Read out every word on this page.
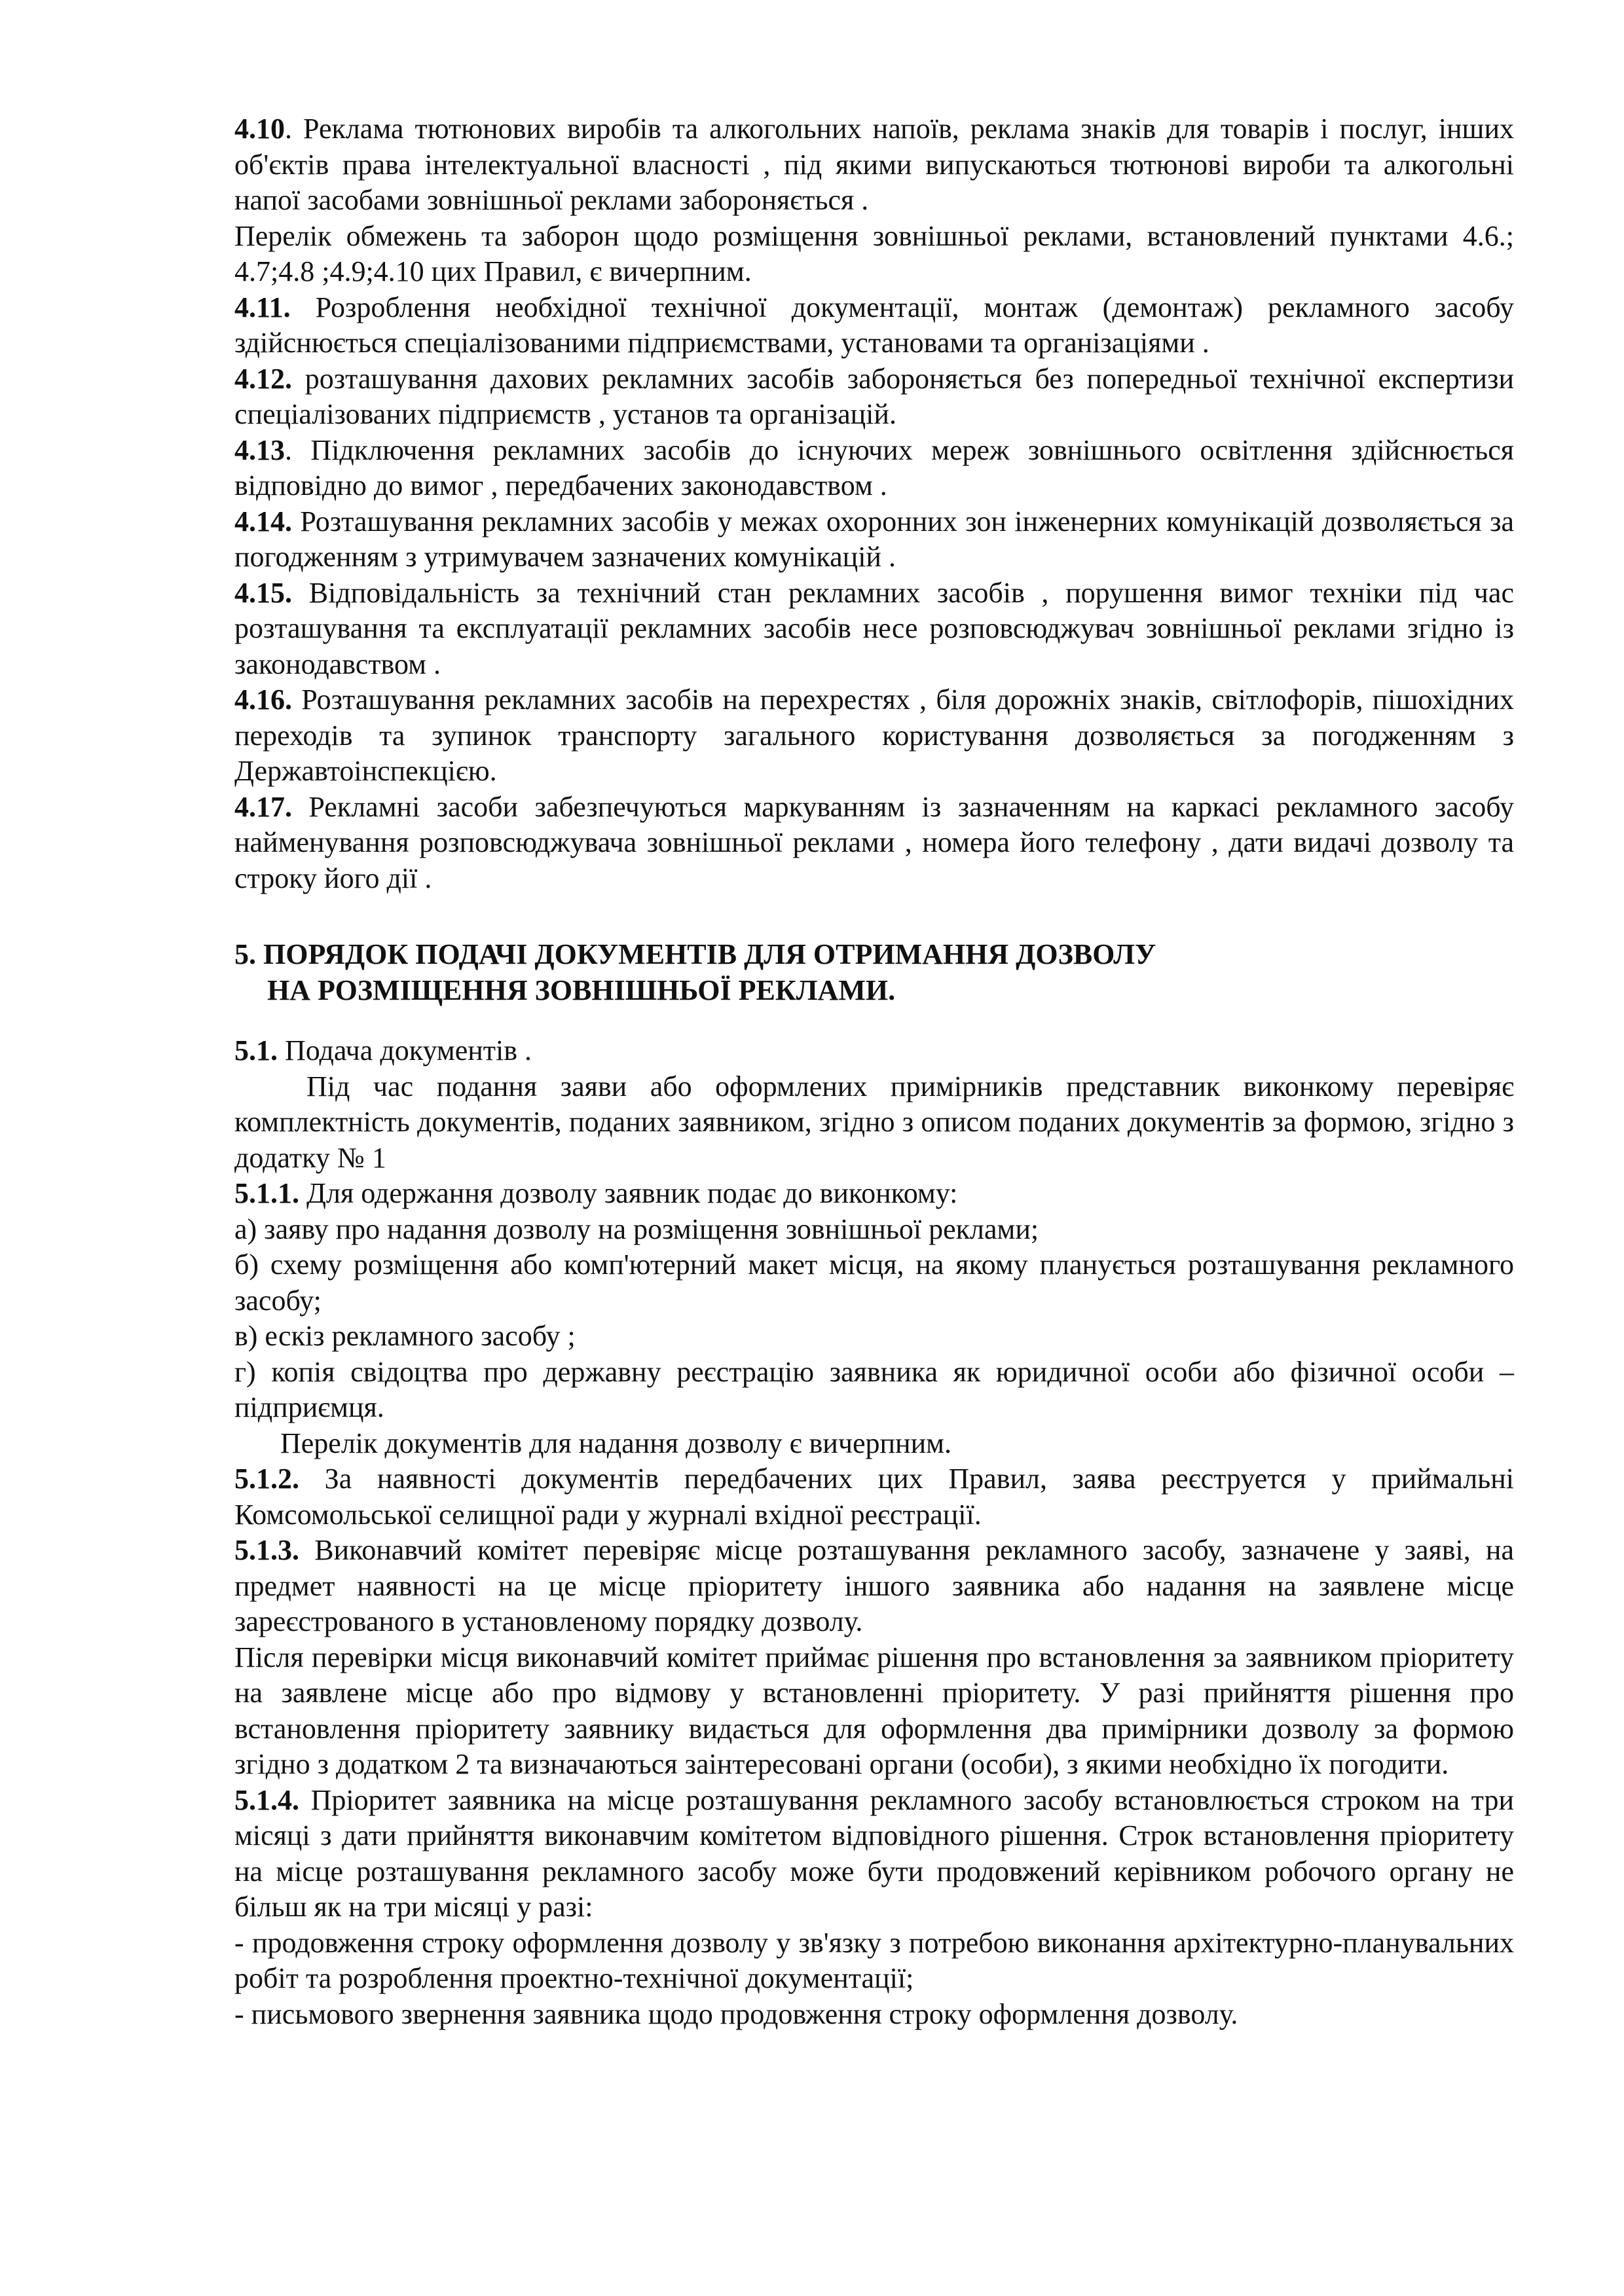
4.10. Реклама тютюнових виробів та алкогольних напоїв, реклама знаків для товарів і послуг, інших об'єктів права інтелектуальної власності , під якими випускаються тютюнові вироби та алкогольні напої засобами зовнішньої реклами забороняється .

Перелік обмежень та заборон щодо розміщення зовнішньої реклами, встановлений пунктами 4.6.; 4.7;4.8 ;4.9;4.10 цих Правил, є вичерпним.

4.11. Розроблення необхідної технічної документації, монтаж (демонтаж) рекламного засобу здійснюється спеціалізованими підприємствами, установами та організаціями .

4.12. розташування дахових рекламних засобів забороняється без попередньої технічної експертизи спеціалізованих підприємств , установ та організацій.

4.13. Підключення рекламних засобів до існуючих мереж зовнішнього освітлення здійснюється відповідно до вимог , передбачених законодавством .

4.14. Розташування рекламних засобів у межах охоронних зон інженерних комунікацій дозволяється за погодженням з утримувачем зазначених комунікацій .

4.15. Відповідальність за технічний стан рекламних засобів , порушення вимог техніки під час розташування та експлуатації рекламних засобів несе розповсюджувач зовнішньої реклами згідно із законодавством .

4.16. Розташування рекламних засобів на перехрестях , біля дорожніх знаків, світлофорів, пішохідних переходів та зупинок транспорту загального користування дозволяється за погодженням з Державтоінспекцією.

4.17. Рекламні засоби забезпечуються маркуванням із зазначенням на каркасі рекламного засобу найменування розповсюджувача зовнішньої реклами , номера його телефону , дати видачі дозволу та строку його дії .

5. ПОРЯДОК ПОДАЧІ ДОКУМЕНТІВ ДЛЯ ОТРИМАННЯ ДОЗВОЛУ

НА РОЗМІЩЕННЯ ЗОВНІШНЬОЇ РЕКЛАМИ.

5.1. Подача документів .

Під час подання заяви або оформлених примірників представник виконкому перевіряє комплектність документів, поданих заявником, згідно з описом поданих документів за формою, згідно з додатку № 1

5.1.1. Для одержання дозволу заявник подає до виконкому:

а) заяву про надання дозволу на розміщення зовнішньої реклами;

б) схему розміщення або комп'ютерний макет місця, на якому планується розташування рекламного засобу;

в) ескіз рекламного засобу ;

г) копія свідоцтва про державну реєстрацію заявника як юридичної особи або фізичної особи – підприємця.

Перелік документів для надання дозволу є вичерпним.

5.1.2. За наявності документів передбачених цих Правил, заява реєструется у приймальні Комсомольської селищної ради у журналі вхідної реєстрації.

5.1.3. Виконавчий комітет перевіряє місце розташування рекламного засобу, зазначене у заяві, на предмет наявності на це місце пріоритету іншого заявника або надання на заявлене місце зареєстрованого в установленому порядку дозволу.

Після перевірки місця виконавчий комітет приймає рішення про встановлення за заявником пріоритету на заявлене місце або про відмову у встановленні пріоритету. У разі прийняття рішення про встановлення пріоритету заявнику видається для оформлення два примірники дозволу за формою згідно з додатком 2 та визначаються заінтересовані органи (особи), з якими необхідно їх погодити.

5.1.4. Пріоритет заявника на місце розташування рекламного засобу встановлюється строком на три місяці з дати прийняття виконавчим комітетом відповідного рішення. Строк встановлення пріоритету на місце розташування рекламного засобу може бути продовжений керівником робочого органу не більш як на три місяці у разі:

- продовження строку оформлення дозволу у зв'язку з потребою виконання архітектурно-планувальних робіт та розроблення проектно-технічної документації;

- письмового звернення заявника щодо продовження строку оформлення дозволу.
